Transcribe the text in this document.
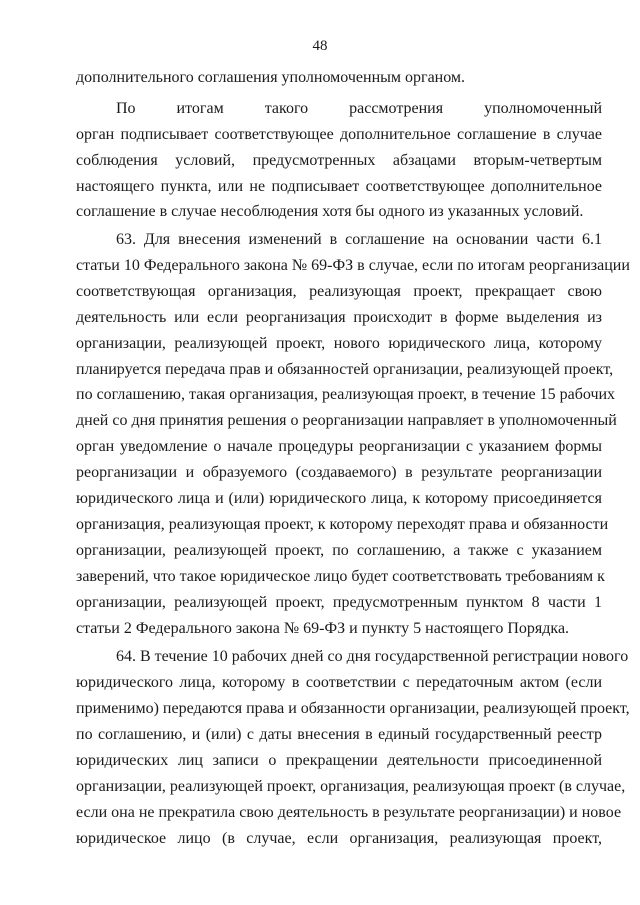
48
дополнительного соглашения уполномоченным органом.
По итогам такого рассмотрения уполномоченный
орган подписывает соответствующее дополнительное соглашение в случае
соблюдения условий, предусмотренных абзацами вторым-четвертым
настоящего пункта, или не подписывает соответствующее дополнительное
соглашение в случае несоблюдения хотя бы одного из указанных условий.
63. Для внесения изменений в соглашение на основании части 6.1
статьи 10 Федерального закона № 69-ФЗ в случае, если по итогам реорганизации
соответствующая организация, реализующая проект, прекращает свою
деятельность или если реорганизация происходит в форме выделения из
организации, реализующей проект, нового юридического лица, которому
планируется передача прав и обязанностей организации, реализующей проект,
по соглашению, такая организация, реализующая проект, в течение 15 рабочих
дней со дня принятия решения о реорганизации направляет в уполномоченный
орган уведомление о начале процедуры реорганизации с указанием формы
реорганизации и образуемого (создаваемого) в результате реорганизации
юридического лица и (или) юридического лица, к которому присоединяется
организация, реализующая проект, к которому переходят права и обязанности
организации, реализующей проект, по соглашению, а также с указанием
заверений, что такое юридическое лицо будет соответствовать требованиям к
организации, реализующей проект, предусмотренным пунктом 8 части 1
статьи 2 Федерального закона № 69-ФЗ и пункту 5 настоящего Порядка.
64. В течение 10 рабочих дней со дня государственной регистрации нового
юридического лица, которому в соответствии с передаточным актом (если
применимо) передаются права и обязанности организации, реализующей проект,
по соглашению, и (или) с даты внесения в единый государственный реестр
юридических лиц записи о прекращении деятельности присоединенной
организации, реализующей проект, организация, реализующая проект (в случае,
если она не прекратила свою деятельность в результате реорганизации) и новое
юридическое лицо (в случае, если организация, реализующая проект,
